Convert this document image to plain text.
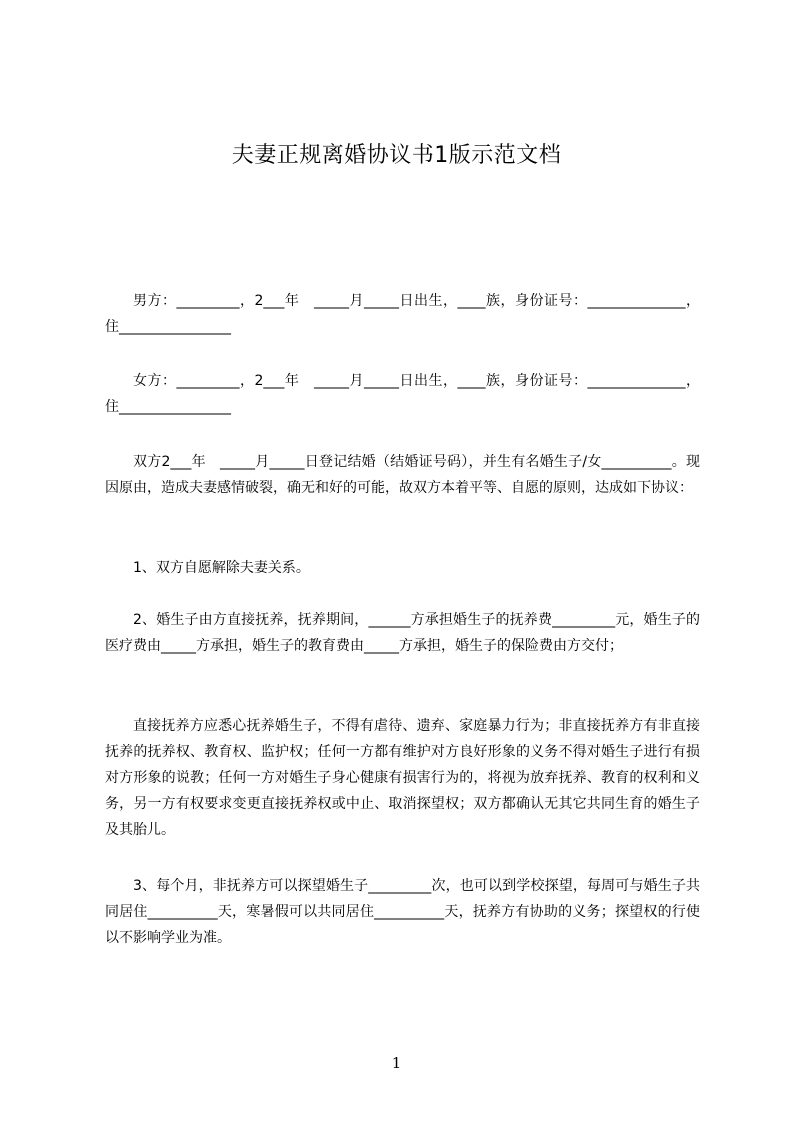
夫妻正规离婚协议书1版示范文档
男方：_________，2___年　_____月_____日出生，____族，身份证号：______________，住________________
女方：_________，2___年　_____月_____日出生，____族，身份证号：______________，住________________
双方2___年　_____月_____日登记结婚（结婚证号码），并生有名婚生子/女__________。现因原由，造成夫妻感情破裂，确无和好的可能，故双方本着平等、自愿的原则，达成如下协议：
1、双方自愿解除夫妻关系。
2、婚生子由方直接抚养，抚养期间，______方承担婚生子的抚养费_________元，婚生子的医疗费由_____方承担，婚生子的教育费由_____方承担，婚生子的保险费由方交付；
直接抚养方应悉心抚养婚生子，不得有虐待、遗弃、家庭暴力行为；非直接抚养方有非直接抚养的抚养权、教育权、监护权；任何一方都有维护对方良好形象的义务不得对婚生子进行有损对方形象的说教；任何一方对婚生子身心健康有损害行为的，将视为放弃抚养、教育的权利和义务，另一方有权要求变更直接抚养权或中止、取消探望权；双方都确认无其它共同生育的婚生子及其胎儿。
3、每个月，非抚养方可以探望婚生子_________次，也可以到学校探望，每周可与婚生子共同居住__________天，寒暑假可以共同居住__________天，抚养方有协助的义务；探望权的行使以不影响学业为准。
1
